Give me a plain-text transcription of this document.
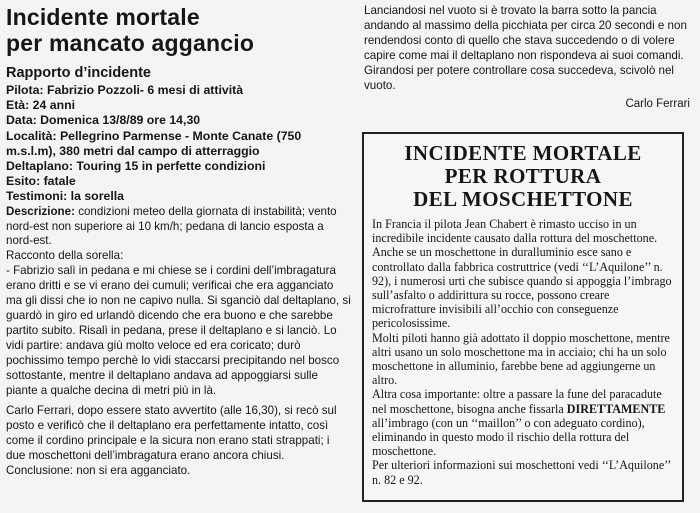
Incidente mortale
per mancato aggancio

Rapporto d’incidente

Pilota: Fabrizio Pozzoli- 6 mesi di attività

Età: 24 anni

Data: Domenica 13/8/89 ore 14,30

Località: Pellegrino Parmense - Monte Canate (750 m.s.l.m), 380 metri dal campo di atterraggio

Deltaplano: Touring 15 in perfette condizioni

Esito: fatale

Testimoni: la sorella

Descrizione: condizioni meteo della giornata di instabilità; vento nord-est non superiore ai 10 km/h; pedana di lancio esposta a nord-est.

Racconto della sorella:

- Fabrizio salì in pedana e mi chiese se i cordini dell’imbragatura erano dritti e se vi erano dei cumuli; verificai che era agganciato ma gli dissi che io non ne capivo nulla. Si sganciò dal deltaplano, si guardò in giro ed urlandò dicendo che era buono e che sarebbe partito subito. Risalì in pedana, prese il deltaplano e si lanciò. Lo vidi partire: andava giù molto veloce ed era coricato; durò pochissimo tempo perchè lo vidi staccarsi precipitando nel bosco sottostante, mentre il deltaplano andava ad appoggiarsi sulle piante a qualche decina di metri più in là.

Carlo Ferrari, dopo essere stato avvertito (alle 16,30), si recò sul posto e verificò che il deltaplano era perfettamente intatto, così come il cordino principale e la sicura non erano stati strappati; i due moschettoni dell’imbragatura erano ancora chiusi.

Conclusione: non si era agganciato.

Lanciandosi nel vuoto si è trovato la barra sotto la pancia andando al massimo della picchiata per circa 20 secondi e non rendendosi conto di quello che stava succedendo o di volere capire come mai il deltaplano non rispondeva ai suoi comandi.

Girandosi per potere controllare cosa succedeva, scivolò nel vuoto.

Carlo Ferrari

INCIDENTE MORTALE
PER ROTTURA
DEL MOSCHETTONE

In Francia il pilota Jean Chabert è rimasto ucciso in un incredibile incidente causato dalla rottura del moschettone.

Anche se un moschettone in duralluminio esce sano e controllato dalla fabbrica costruttrice (vedi ‘‘L’Aquilone’’ n. 92), i numerosi urti che subisce quando si appoggia l’imbrago sull’asfalto o addirittura su rocce, possono creare microfratture invisibili all’occhio con conseguenze pericolosissime.

Molti piloti hanno già adottato il doppio moschettone, mentre altri usano un solo moschettone ma in acciaio; chi ha un solo moschettone in alluminio, farebbe bene ad aggiungerne un altro.

Altra cosa importante: oltre a passare la fune del paracadute nel moschettone, bisogna anche fissarla DIRETTAMENTE all’imbrago (con un ‘‘maillon’’ o con adeguato cordino), eliminando in questo modo il rischio della rottura del moschettone.

Per ulteriori informazioni sui moschettoni vedi ‘‘L’Aquilone’’ n. 82 e 92.
